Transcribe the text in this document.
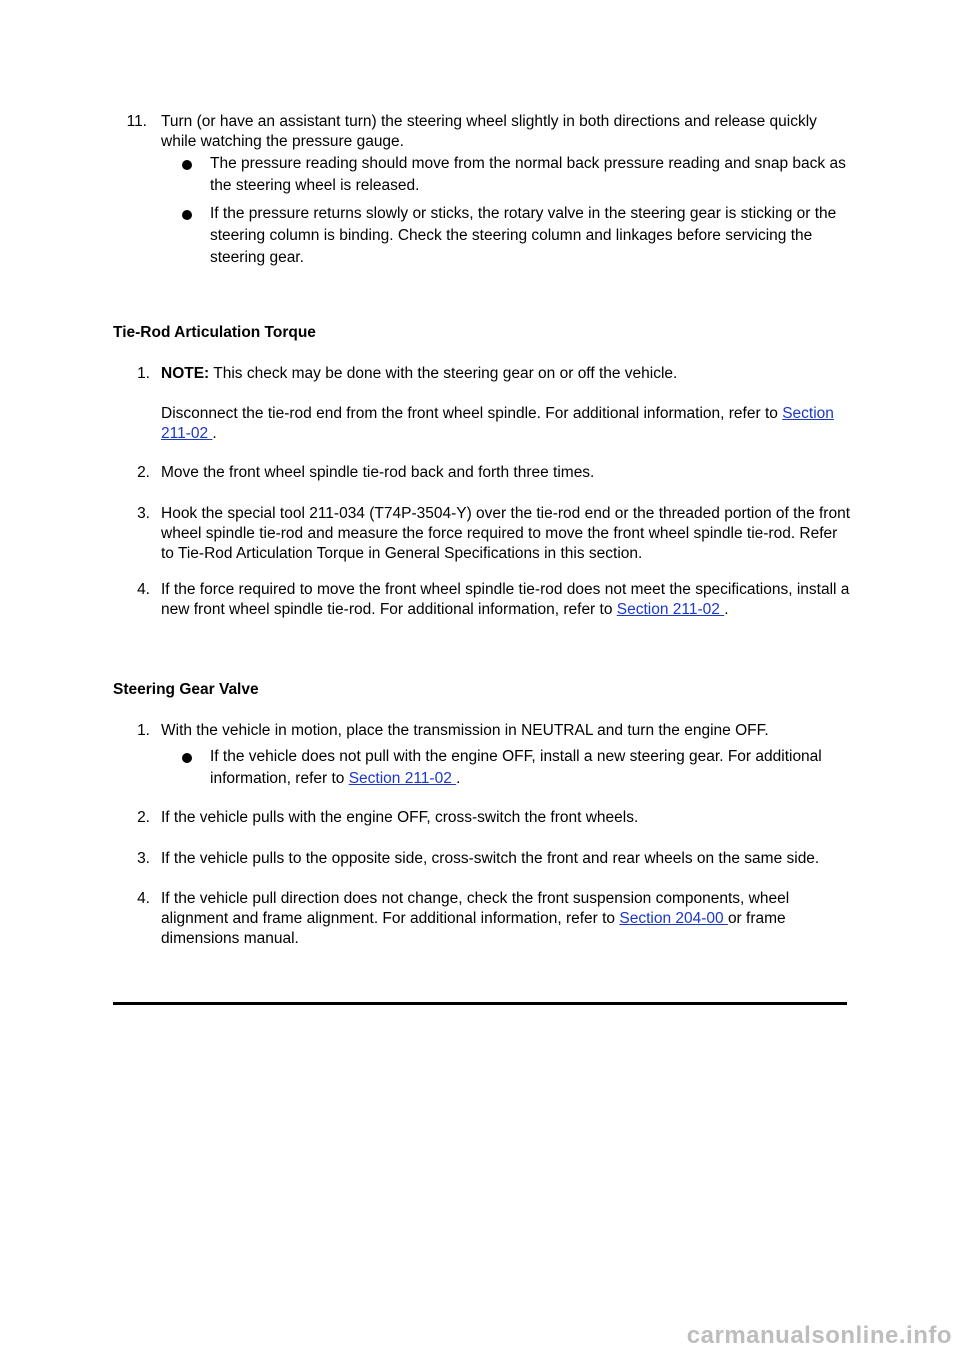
11. Turn (or have an assistant turn) the steering wheel slightly in both directions and release quickly while watching the pressure gauge.
The pressure reading should move from the normal back pressure reading and snap back as the steering wheel is released.
If the pressure returns slowly or sticks, the rotary valve in the steering gear is sticking or the steering column is binding. Check the steering column and linkages before servicing the steering gear.
Tie-Rod Articulation Torque
1. NOTE: This check may be done with the steering gear on or off the vehicle.
Disconnect the tie-rod end from the front wheel spindle. For additional information, refer to Section 211-02 .
2. Move the front wheel spindle tie-rod back and forth three times.
3. Hook the special tool 211-034 (T74P-3504-Y) over the tie-rod end or the threaded portion of the front wheel spindle tie-rod and measure the force required to move the front wheel spindle tie-rod. Refer to Tie-Rod Articulation Torque in General Specifications in this section.
4. If the force required to move the front wheel spindle tie-rod does not meet the specifications, install a new front wheel spindle tie-rod. For additional information, refer to Section 211-02 .
Steering Gear Valve
1. With the vehicle in motion, place the transmission in NEUTRAL and turn the engine OFF.
If the vehicle does not pull with the engine OFF, install a new steering gear. For additional information, refer to Section 211-02 .
2. If the vehicle pulls with the engine OFF, cross-switch the front wheels.
3. If the vehicle pulls to the opposite side, cross-switch the front and rear wheels on the same side.
4. If the vehicle pull direction does not change, check the front suspension components, wheel alignment and frame alignment. For additional information, refer to Section 204-00 or frame dimensions manual.
carmanualsonline.info
